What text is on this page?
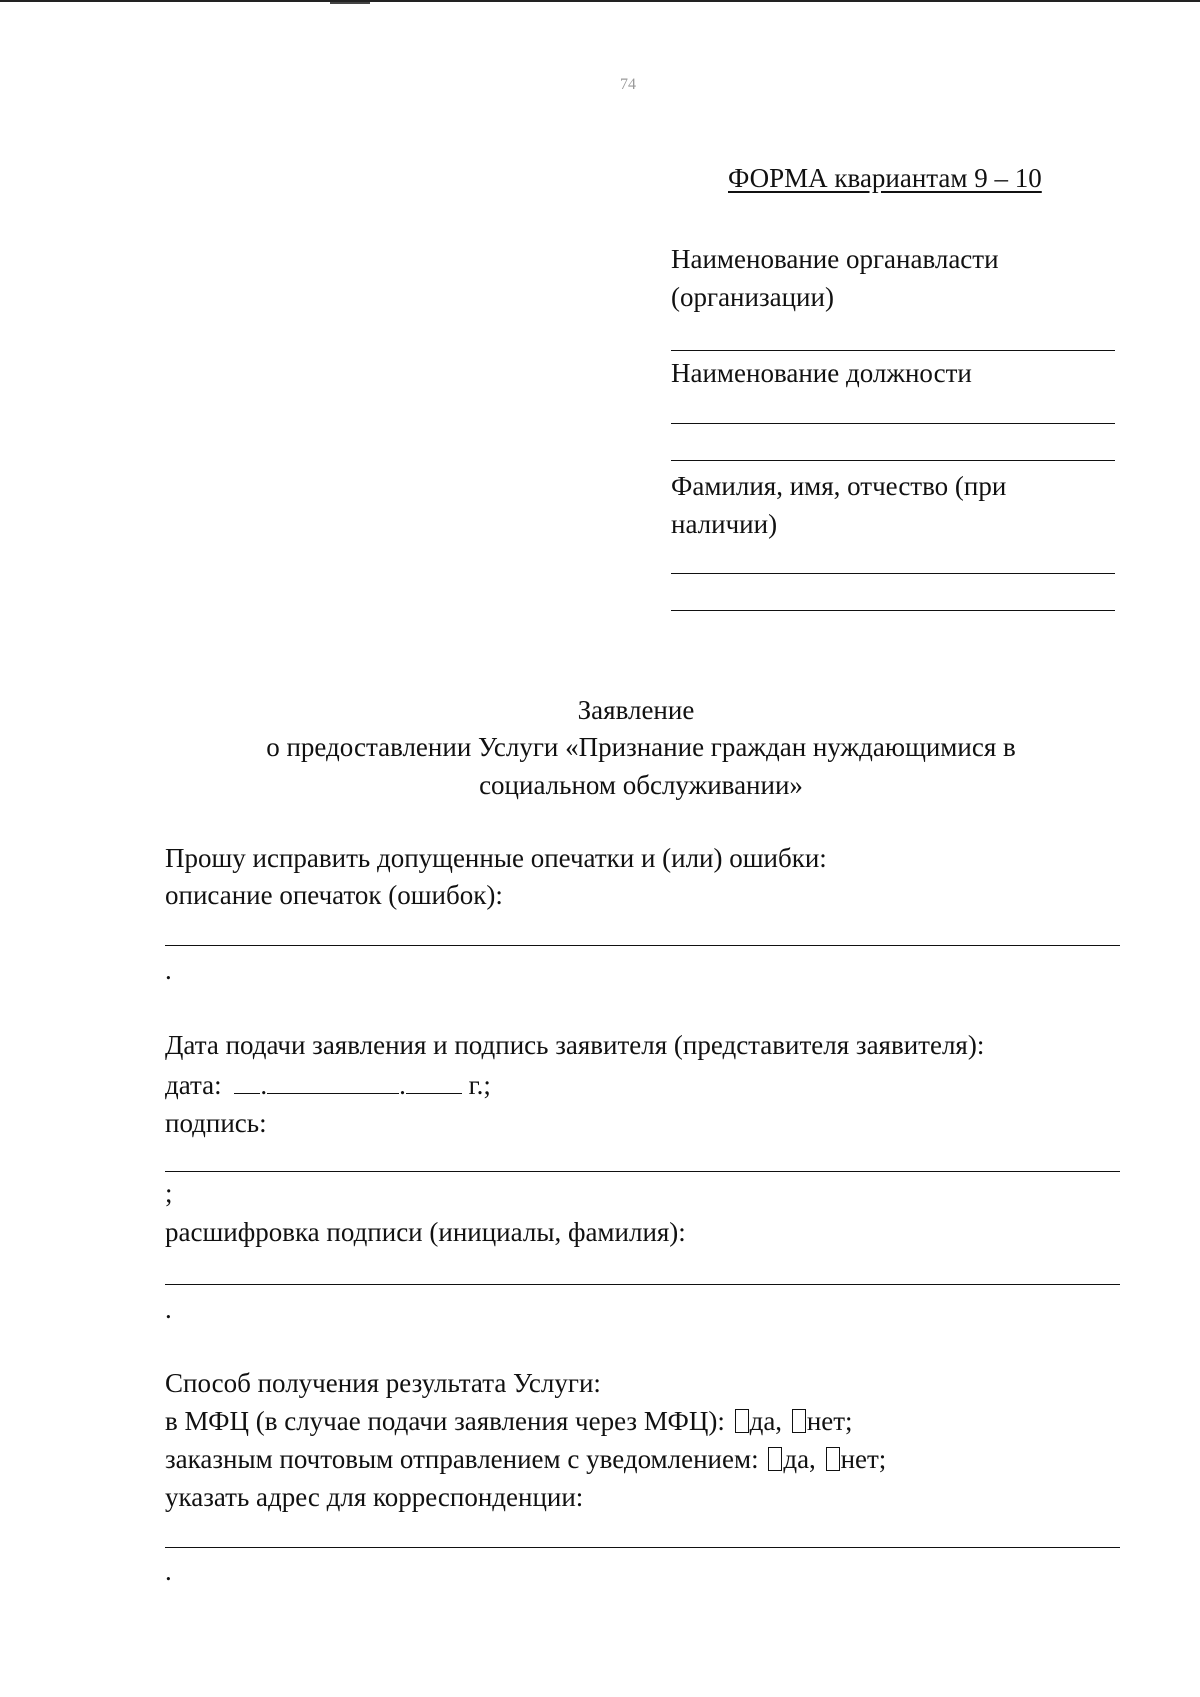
74
ФОРМА квариантам 9 – 10
Наименование органавласти (организации)
Наименование должности
Фамилия, имя, отчество (при наличии)
Заявление
о предоставлении Услуги «Признание граждан нуждающимися в социальном обслуживании»
Прошу исправить допущенные опечатки и (или) ошибки:
описание опечаток (ошибок):
.
Дата подачи заявления и подпись заявителя (представителя заявителя):
дата: .	. г.;
подпись:
;
расшифровка подписи (инициалы, фамилия):
.
Способ получения результата Услуги:
в МФЦ (в случае подачи заявления через МФЦ): да, нет;
заказным почтовым отправлением с уведомлением: да, нет;
указать адрес для корреспонденции:
.
